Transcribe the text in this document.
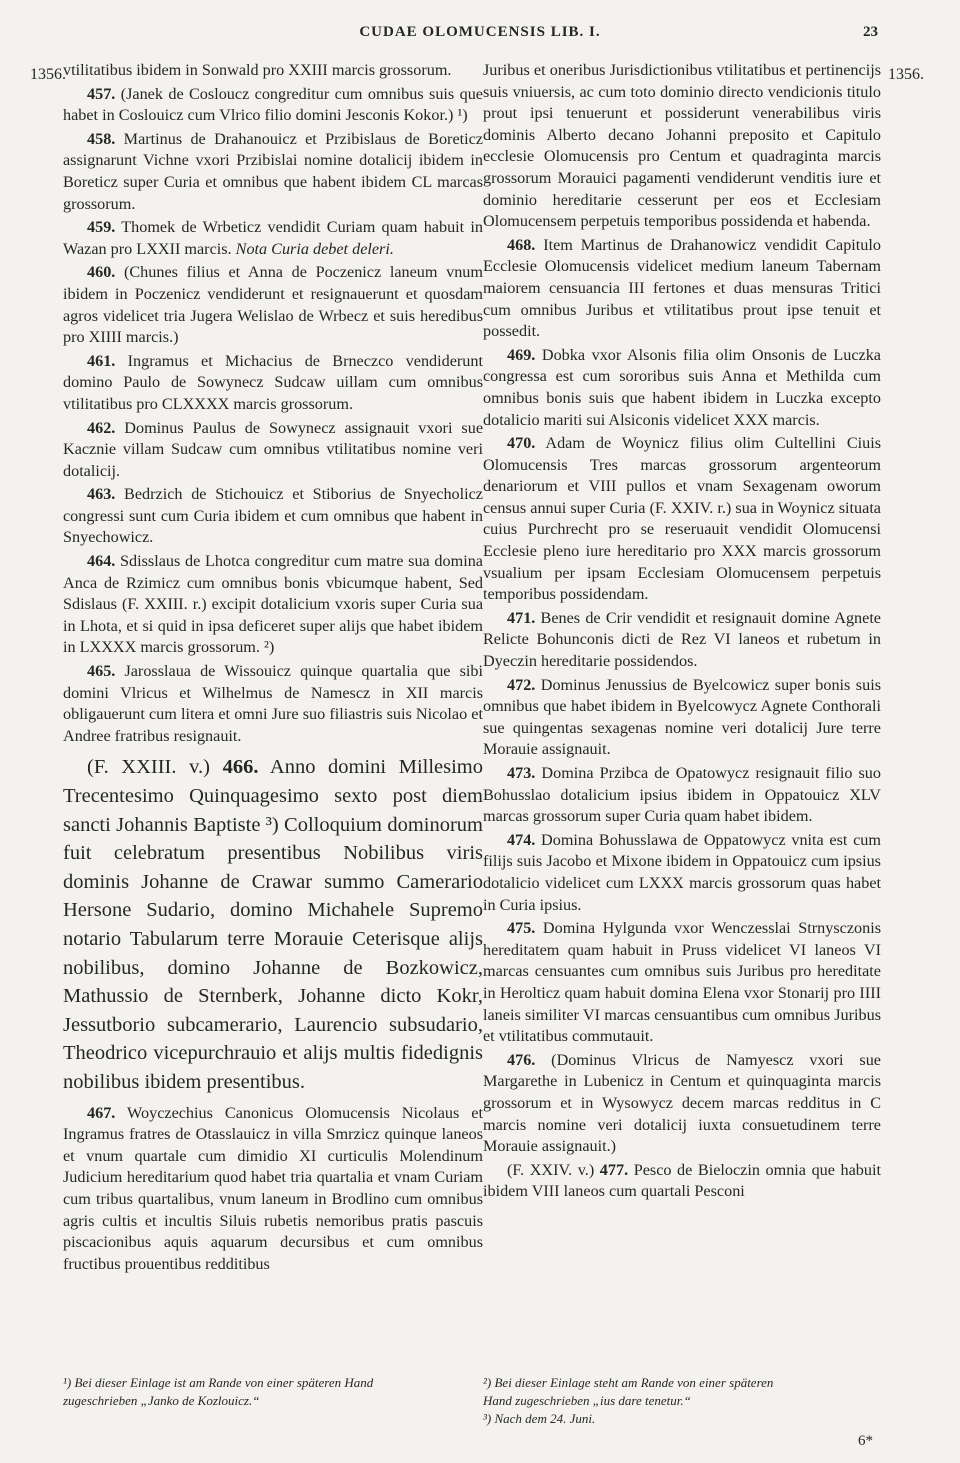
CUDAE OLOMUCENSIS LIB. I.	23
1356.	1356.

vtilitatibus ibidem in Sonwald pro XXIII marcis grossorum.

457. (Janek de Cosloucz congreditur cum omnibus suis que habet in Coslouicz cum Vlrico filio domini Jesconis Kokor.) ¹)

458. Martinus de Drahanouicz et Przibislaus de Boreticz assignarunt Vichne vxori Przibislai nomine dotalicij ibidem in Boreticz super Curia et omnibus que habent ibidem CL marcas grossorum.

459. Thomek de Wrbeticz vendidit Curiam quam habuit in Wazan pro LXXII marcis. Nota Curia debet deleri.

460. (Chunes filius et Anna de Poczenicz laneum vnum ibidem in Poczenicz vendiderunt et resignauerunt et quosdam agros videlicet tria Jugera Welislao de Wrbecz et suis heredibus pro XIIII marcis.)

461. Ingramus et Michacius de Brneczco vendiderunt domino Paulo de Sowynecz Sudcaw uillam cum omnibus vtilitatibus pro CLXXXX marcis grossorum.

462. Dominus Paulus de Sowynecz assignauit vxori sue Kacznie villam Sudcaw cum omnibus vtilitatibus nomine veri dotalicij.

463. Bedrzich de Stichouicz et Stiborius de Snyecholicz congressi sunt cum Curia ibidem et cum omnibus que habent in Snyechowicz.

464. Sdisslaus de Lhotca congreditur cum matre sua domina Anca de Rzimicz cum omnibus bonis vbicumque habent, Sed Sdislaus (F. XXIII. r.) excipit dotalicium vxoris super Curia sua in Lhota, et si quid in ipsa deficeret super alijs que habet ibidem in LXXXX marcis grossorum. ²)

465. Jarosslaua de Wissouicz quinque quartalia que sibi domini Vlricus et Wilhelmus de Namescz in XII marcis obligauerunt cum litera et omni Jure suo filiastris suis Nicolao et Andree fratribus resignauit.

(F. XXIII. v.) 466. Anno domini Millesimo Trecentesimo Quinquagesimo sexto post diem sancti Johannis Baptiste ³) Colloquium dominorum fuit celebratum presentibus Nobilibus viris dominis Johanne de Crawar summo Camerario Hersone Sudario, domino Michahele Supremo notario Tabularum terre Morauie Ceterisque alijs nobilibus, domino Johanne de Bozkowicz, Mathussio de Sternberk, Johanne dicto Kokr, Jessutborio subcamerario, Laurencio subsudario, Theodrico vicepurchrauio et alijs multis fidedignis nobilibus ibidem presentibus.

467. Woyczechius Canonicus Olomucensis Nicolaus et Ingramus fratres de Otasslauicz in villa Smrzicz quinque laneos et vnum quartale cum dimidio XI curticulis Molendinum Judicium hereditarium quod habet tria quartalia et vnam Curiam cum tribus quartalibus, vnum laneum in Brodlino cum omnibus agris cultis et incultis Siluis rubetis nemoribus pratis pascuis piscacionibus aquis aquarum decursibus et cum omnibus fructibus prouentibus redditibus

Juribus et oneribus Jurisdictionibus vtilitatibus et pertinencijs suis vniuersis, ac cum toto dominio directo vendicionis titulo prout ipsi tenuerunt et possiderunt venerabilibus viris dominis Alberto decano Johanni preposito et Capitulo ecclesie Olomucensis pro Centum et quadraginta marcis grossorum Morauici pagamenti vendiderunt venditis iure et dominio hereditarie cesserunt per eos et Ecclesiam Olomucensem perpetuis temporibus possidenda et habenda.

468. Item Martinus de Drahanowicz vendidit Capitulo Ecclesie Olomucensis videlicet medium laneum Tabernam maiorem censuancia III fertones et duas mensuras Tritici cum omnibus Juribus et vtilitatibus prout ipse tenuit et possedit.

469. Dobka vxor Alsonis filia olim Onsonis de Luczka congressa est cum sororibus suis Anna et Methilda cum omnibus bonis suis que habent ibidem in Luczka excepto dotalicio mariti sui Alsiconis videlicet XXX marcis.

470. Adam de Woynicz filius olim Cultellini Ciuis Olomucensis Tres marcas grossorum argenteorum denariorum et VIII pullos et vnam Sexagenam oworum census annui super Curia (F. XXIV. r.) sua in Woynicz situata cuius Purchrecht pro se reseruauit vendidit Olomucensi Ecclesie pleno iure hereditario pro XXX marcis grossorum vsualium per ipsam Ecclesiam Olomucensem perpetuis temporibus possidendam.

471. Benes de Crir vendidit et resignauit domine Agnete Relicte Bohunconis dicti de Rez VI laneos et rubetum in Dyeczin hereditarie possidendos.

472. Dominus Jenussius de Byelcowicz super bonis suis omnibus que habet ibidem in Byelcowycz Agnete Conthorali sue quingentas sexagenas nomine veri dotalicij Jure terre Morauie assignauit.

473. Domina Przibca de Opatowycz resignauit filio suo Bohusslao dotalicium ipsius ibidem in Oppatouicz XLV marcas grossorum super Curia quam habet ibidem.

474. Domina Bohusslawa de Oppatowycz vnita est cum filijs suis Jacobo et Mixone ibidem in Oppatouicz cum ipsius dotalicio videlicet cum LXXX marcis grossorum quas habet in Curia ipsius.

475. Domina Hylgunda vxor Wenczesslai Strnysczonis hereditatem quam habuit in Pruss videlicet VI laneos VI marcas censuantes cum omnibus suis Juribus pro hereditate in Herolticz quam habuit domina Elena vxor Stonarij pro IIII laneis similiter VI marcas censuantibus cum omnibus Juribus et vtilitatibus commutauit.

476. (Dominus Vlricus de Namyescz vxori sue Margarethe in Lubenicz in Centum et quinquaginta marcis grossorum et in Wysowycz decem marcas redditus in C marcis nomine veri dotalicij iuxta consuetudinem terre Morauie assignauit.)

(F. XXIV. v.) 477. Pesco de Bieloczin omnia que habuit ibidem VIII laneos cum quartali Pesconi

¹) Bei dieser Einlage ist am Rande von einer späteren Hand
zugeschrieben „Janko de Kozlouicz.“
²) Bei dieser Einlage steht am Rande von einer späteren
Hand zugeschrieben „ius dare tenetur.“
³) Nach dem 24. Juni.
6*
